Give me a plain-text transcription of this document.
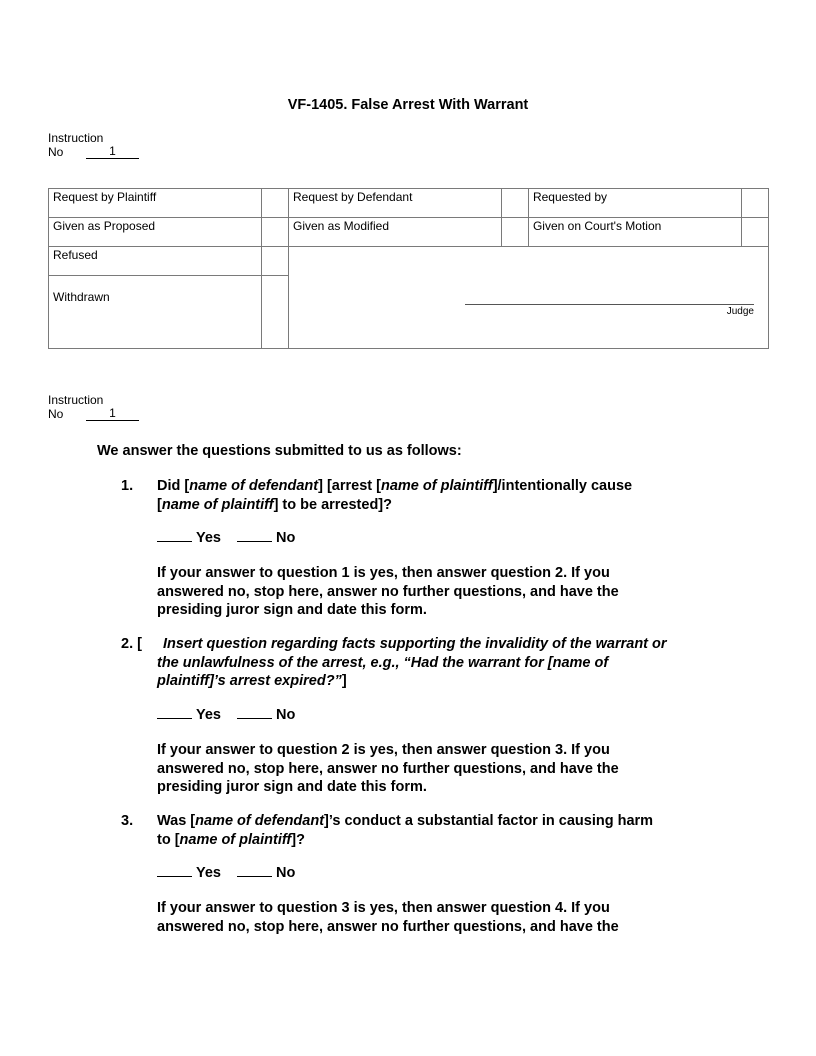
VF-1405. False Arrest With Warrant
Instruction
No	1
Request by Plaintiff		Request by Defendant		Requested by	
Given as Proposed		Given as Modified		Given on Court's Motion	
Refused		Judge			

Withdrawn					
Instruction
No	1
We answer the questions submitted to us as follows:
1. Did [name of defendant] [arrest [name of plaintiff]/intentionally cause
[name of plaintiff] to be arrested]?
Yes	No
If your answer to question 1 is yes, then answer question 2. If you
answered no, stop here, answer no further questions, and have the
presiding juror sign and date this form.
2. [	Insert question regarding facts supporting the invalidity of the warrant or
the unlawfulness of the arrest, e.g., “Had the warrant for [name of
plaintiff]’s arrest expired?”]
Yes	No
If your answer to question 2 is yes, then answer question 3. If you
answered no, stop here, answer no further questions, and have the
presiding juror sign and date this form.
3. Was [name of defendant]’s conduct a substantial factor in causing harm
to [name of plaintiff]?
Yes	No
If your answer to question 3 is yes, then answer question 4. If you
answered no, stop here, answer no further questions, and have the
